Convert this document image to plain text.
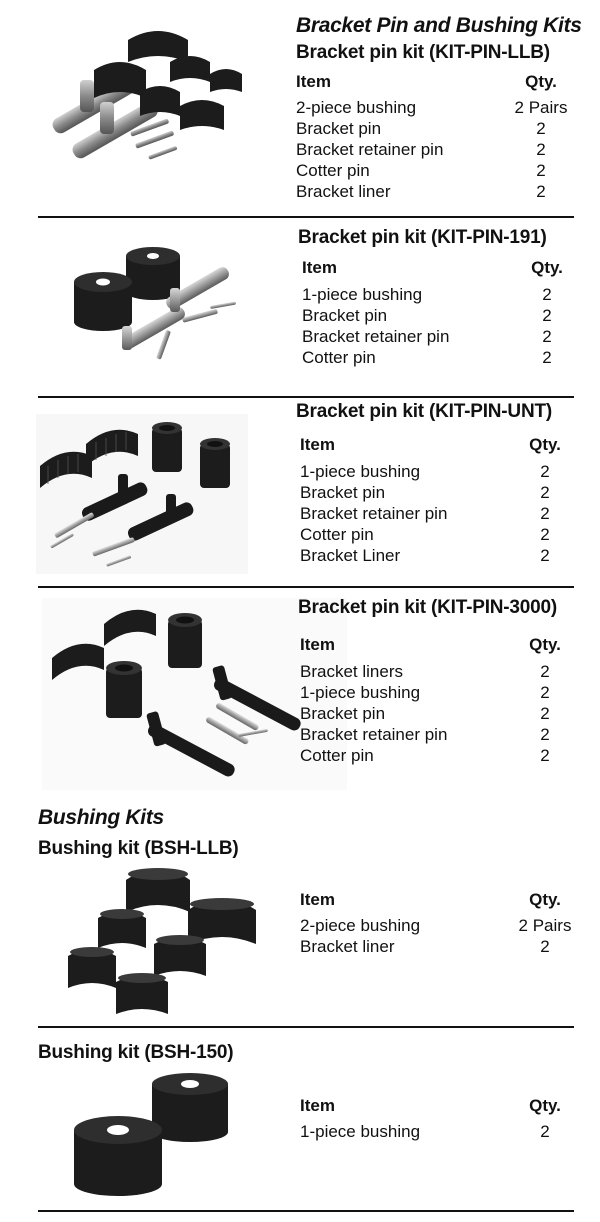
Bracket Pin and Bushing Kits
Bracket pin kit (KIT-PIN-LLB)
Item	Qty.
2-piece bushing	2 Pairs
Bracket pin	2
Bracket retainer pin	2
Cotter pin	2
Bracket liner	2
Bracket pin kit (KIT-PIN-191)
Item	Qty.
1-piece bushing	2
Bracket pin	2
Bracket retainer pin	2
Cotter pin	2
Bracket pin kit (KIT-PIN-UNT)
Item	Qty.
1-piece bushing	2
Bracket pin	2
Bracket retainer pin	2
Cotter pin	2
Bracket Liner	2
Bracket pin kit (KIT-PIN-3000)
Item	Qty.
Bracket liners	2
1-piece bushing	2
Bracket pin	2
Bracket retainer pin	2
Cotter pin	2
Bushing Kits
Bushing kit (BSH-LLB)
Item	Qty.
2-piece bushing	2 Pairs
Bracket liner	2
Bushing kit (BSH-150)
Item	Qty.
1-piece bushing	2
